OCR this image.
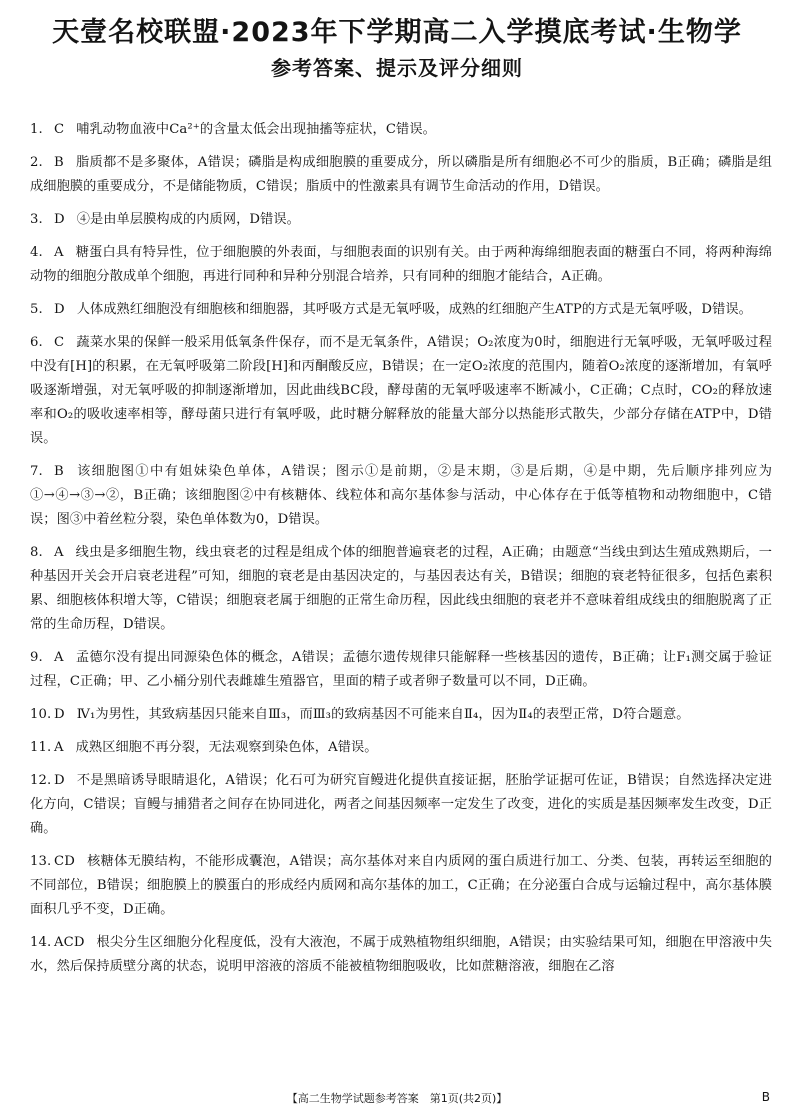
天壹名校联盟·2023年下学期高二入学摸底考试·生物学
参考答案、提示及评分细则

1. C 哺乳动物血液中Ca²⁺的含量太低会出现抽搐等症状，C错误。

2. B 脂质都不是多聚体，A错误；磷脂是构成细胞膜的重要成分，所以磷脂是所有细胞必不可少的脂质，B正确；磷脂是组成细胞膜的重要成分，不是储能物质，C错误；脂质中的性激素具有调节生命活动的作用，D错误。

3. D ④是由单层膜构成的内质网，D错误。

4. A 糖蛋白具有特异性，位于细胞膜的外表面，与细胞表面的识别有关。由于两种海绵细胞表面的糖蛋白不同，将两种海绵动物的细胞分散成单个细胞，再进行同种和异种分别混合培养，只有同种的细胞才能结合，A正确。

5. D 人体成熟红细胞没有细胞核和细胞器，其呼吸方式是无氧呼吸，成熟的红细胞产生ATP的方式是无氧呼吸，D错误。

6. C 蔬菜水果的保鲜一般采用低氧条件保存，而不是无氧条件，A错误；O₂浓度为0时，细胞进行无氧呼吸，无氧呼吸过程中没有[H]的积累，在无氧呼吸第二阶段[H]和丙酮酸反应，B错误；在一定O₂浓度的范围内，随着O₂浓度的逐渐增加，有氧呼吸逐渐增强，对无氧呼吸的抑制逐渐增加，因此曲线BC段，酵母菌的无氧呼吸速率不断减小，C正确；C点时，CO₂的释放速率和O₂的吸收速率相等，酵母菌只进行有氧呼吸，此时糖分解释放的能量大部分以热能形式散失，少部分存储在ATP中，D错误。

7. B 该细胞图①中有姐妹染色单体，A错误；图示①是前期，②是末期，③是后期，④是中期，先后顺序排列应为①→④→③→②，B正确；该细胞图②中有核糖体、线粒体和高尔基体参与活动，中心体存在于低等植物和动物细胞中，C错误；图③中着丝粒分裂，染色单体数为0，D错误。

8. A 线虫是多细胞生物，线虫衰老的过程是组成个体的细胞普遍衰老的过程，A正确；由题意“当线虫到达生殖成熟期后，一种基因开关会开启衰老进程”可知，细胞的衰老是由基因决定的，与基因表达有关，B错误；细胞的衰老特征很多，包括色素积累、细胞核体积增大等，C错误；细胞衰老属于细胞的正常生命历程，因此线虫细胞的衰老并不意味着组成线虫的细胞脱离了正常的生命历程，D错误。

9. A 孟德尔没有提出同源染色体的概念，A错误；孟德尔遗传规律只能解释一些核基因的遗传，B正确；让F₁测交属于验证过程，C正确；甲、乙小桶分别代表雌雄生殖器官，里面的精子或者卵子数量可以不同，D正确。

10. D Ⅳ₁为男性，其致病基因只能来自Ⅲ₃，而Ⅲ₃的致病基因不可能来自Ⅱ₄，因为Ⅱ₄的表型正常，D符合题意。

11. A 成熟区细胞不再分裂，无法观察到染色体，A错误。

12. D 不是黑暗诱导眼睛退化，A错误；化石可为研究盲鳗进化提供直接证据，胚胎学证据可佐证，B错误；自然选择决定进化方向，C错误；盲鳗与捕猎者之间存在协同进化，两者之间基因频率一定发生了改变，进化的实质是基因频率发生改变，D正确。

13. CD 核糖体无膜结构，不能形成囊泡，A错误；高尔基体对来自内质网的蛋白质进行加工、分类、包装，再转运至细胞的不同部位，B错误；细胞膜上的膜蛋白的形成经内质网和高尔基体的加工，C正确；在分泌蛋白合成与运输过程中，高尔基体膜面积几乎不变，D正确。

14. ACD 根尖分生区细胞分化程度低，没有大液泡，不属于成熟植物组织细胞，A错误；由实验结果可知，细胞在甲溶液中失水，然后保持质壁分离的状态，说明甲溶液的溶质不能被植物细胞吸收，比如蔗糖溶液，细胞在乙溶

【高二生物学试题参考答案　第1页(共2页)】	B
